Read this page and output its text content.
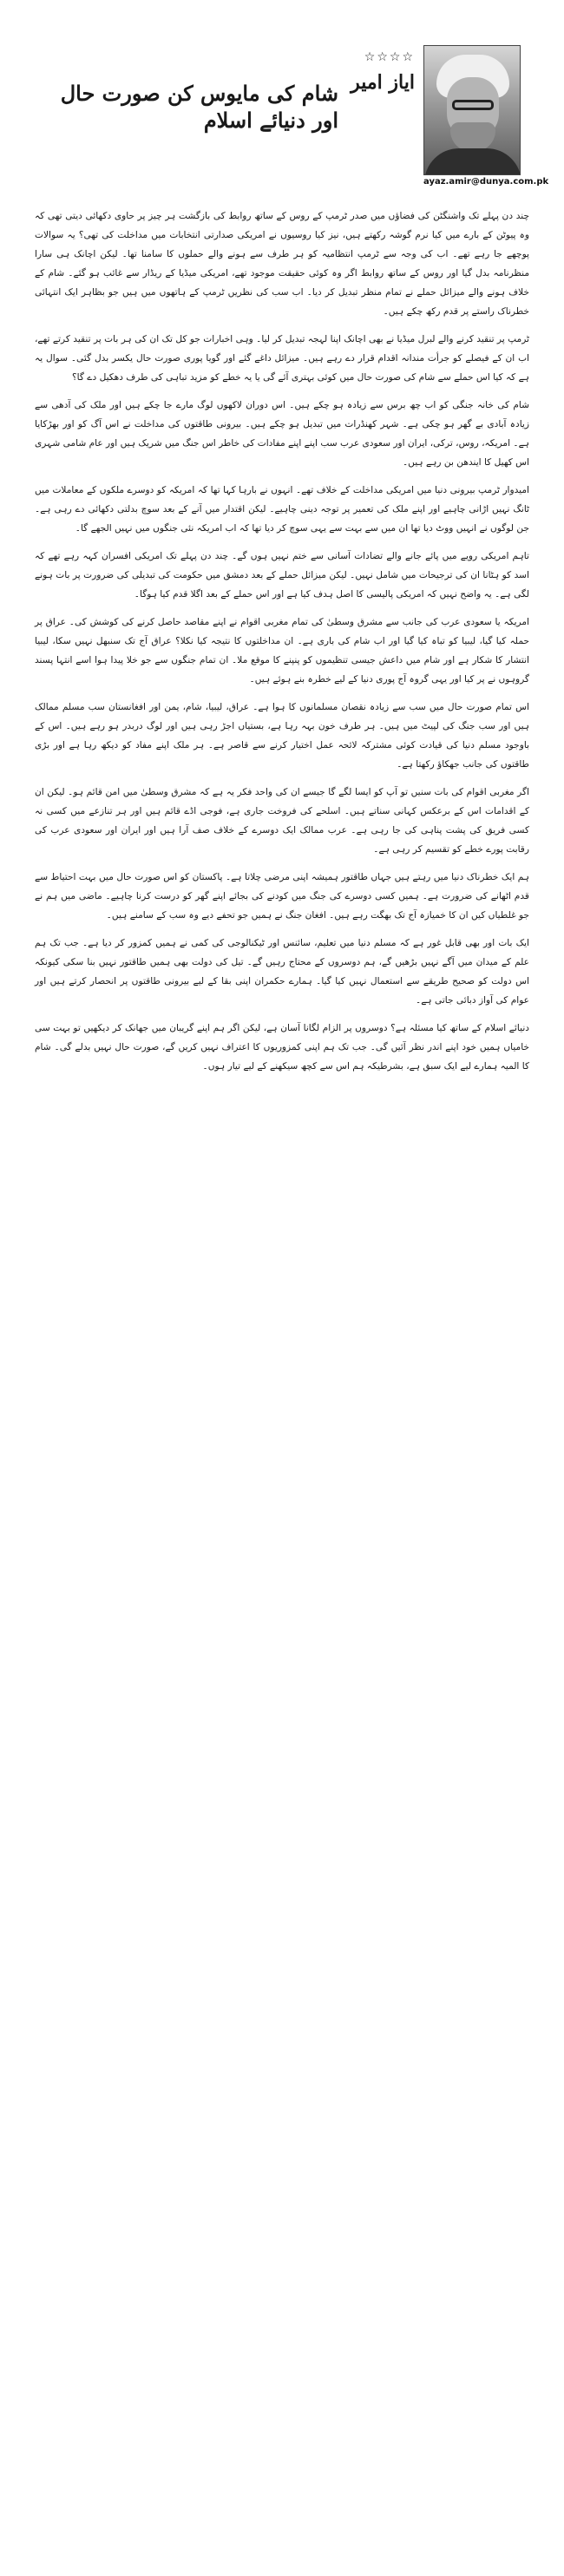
شام کی مایوس کن صورت حال اور دنیائے اسلام
☆☆☆☆
ایاز امیر
ayaz.amir@dunya.com.pk

چند دن پہلے تک واشنگٹن کی فضاؤں میں صدر ٹرمپ کے روس کے ساتھ روابط کی بازگشت ہر چیز پر حاوی دکھائی دیتی تھی کہ وہ پیوٹن کے بارے میں کیا نرم گوشہ رکھتے ہیں، نیز کیا روسیوں نے امریکی صدارتی انتخابات میں مداخلت کی تھی؟ یہ سوالات پوچھے جا رہے تھے۔ اب کی وجہ سے ٹرمپ انتظامیہ کو ہر طرف سے ہونے والے حملوں کا سامنا تھا۔ لیکن اچانک ہی سارا منظرنامہ بدل گیا اور روس کے ساتھ روابط اگر وہ کوئی حقیقت موجود تھے، امریکی میڈیا کے ریڈار سے غائب ہو گئے۔ شام کے خلاف ہونے والے میزائل حملے نے تمام منظر تبدیل کر دیا۔ اب سب کی نظریں ٹرمپ کے ہاتھوں میں ہیں جو بظاہر ایک انتہائی خطرناک راستے پر قدم رکھ چکے ہیں۔

ٹرمپ پر تنقید کرنے والے لبرل میڈیا نے بھی اچانک اپنا لہجہ تبدیل کر لیا۔ وہی اخبارات جو کل تک ان کی ہر بات پر تنقید کرتے تھے، اب ان کے فیصلے کو جرأت مندانہ اقدام قرار دے رہے ہیں۔ میزائل داغے گئے اور گویا پوری صورت حال یکسر بدل گئی۔ سوال یہ ہے کہ کیا اس حملے سے شام کی صورت حال میں کوئی بہتری آئے گی یا یہ خطے کو مزید تباہی کی طرف دھکیل دے گا؟

شام کی خانہ جنگی کو اب چھ برس سے زیادہ ہو چکے ہیں۔ اس دوران لاکھوں لوگ مارے جا چکے ہیں اور ملک کی آدھی سے زیادہ آبادی بے گھر ہو چکی ہے۔ شہر کھنڈرات میں تبدیل ہو چکے ہیں۔ بیرونی طاقتوں کی مداخلت نے اس آگ کو اور بھڑکایا ہے۔ امریکہ، روس، ترکی، ایران اور سعودی عرب سب اپنے اپنے مفادات کی خاطر اس جنگ میں شریک ہیں اور عام شامی شہری اس کھیل کا ایندھن بن رہے ہیں۔

امیدوار ٹرمپ بیرونی دنیا میں امریکی مداخلت کے خلاف تھے۔ انہوں نے بارہا کہا تھا کہ امریکہ کو دوسرے ملکوں کے معاملات میں ٹانگ نہیں اڑانی چاہیے اور اپنے ملک کی تعمیر پر توجہ دینی چاہیے۔ لیکن اقتدار میں آنے کے بعد سوچ بدلتی دکھائی دے رہی ہے۔ جن لوگوں نے انہیں ووٹ دیا تھا ان میں سے بہت سے یہی سوچ کر دیا تھا کہ اب امریکہ نئی جنگوں میں نہیں الجھے گا۔

تاہم امریکی رویے میں پائے جانے والے تضادات آسانی سے ختم نہیں ہوں گے۔ چند دن پہلے تک امریکی افسران کہہ رہے تھے کہ اسد کو ہٹانا ان کی ترجیحات میں شامل نہیں۔ لیکن میزائل حملے کے بعد دمشق میں حکومت کی تبدیلی کی ضرورت پر بات ہونے لگی ہے۔ یہ واضح نہیں کہ امریکی پالیسی کا اصل ہدف کیا ہے اور اس حملے کے بعد اگلا قدم کیا ہوگا۔

امریکہ یا سعودی عرب کی جانب سے مشرق وسطیٰ کی تمام مغربی اقوام نے اپنے مقاصد حاصل کرنے کی کوشش کی۔ عراق پر حملہ کیا گیا، لیبیا کو تباہ کیا گیا اور اب شام کی باری ہے۔ ان مداخلتوں کا نتیجہ کیا نکلا؟ عراق آج تک سنبھل نہیں سکا، لیبیا انتشار کا شکار ہے اور شام میں داعش جیسی تنظیموں کو پنپنے کا موقع ملا۔ ان تمام جنگوں سے جو خلا پیدا ہوا اسے انتہا پسند گروہوں نے پر کیا اور یہی گروہ آج پوری دنیا کے لیے خطرہ بنے ہوئے ہیں۔

اس تمام صورت حال میں سب سے زیادہ نقصان مسلمانوں کا ہوا ہے۔ عراق، لیبیا، شام، یمن اور افغانستان سب مسلم ممالک ہیں اور سب جنگ کی لپیٹ میں ہیں۔ ہر طرف خون بہہ رہا ہے، بستیاں اجڑ رہی ہیں اور لوگ دربدر ہو رہے ہیں۔ اس کے باوجود مسلم دنیا کی قیادت کوئی مشترکہ لائحہ عمل اختیار کرنے سے قاصر ہے۔ ہر ملک اپنے مفاد کو دیکھ رہا ہے اور بڑی طاقتوں کی جانب جھکاؤ رکھتا ہے۔

اگر مغربی اقوام کی بات سنیں تو آپ کو ایسا لگے گا جیسے ان کی واحد فکر یہ ہے کہ مشرق وسطیٰ میں امن قائم ہو۔ لیکن ان کے اقدامات اس کے برعکس کہانی سناتے ہیں۔ اسلحے کی فروخت جاری ہے، فوجی اڈے قائم ہیں اور ہر تنازعے میں کسی نہ کسی فریق کی پشت پناہی کی جا رہی ہے۔ عرب ممالک ایک دوسرے کے خلاف صف آرا ہیں اور ایران اور سعودی عرب کی رقابت پورے خطے کو تقسیم کر رہی ہے۔

ہم ایک خطرناک دنیا میں رہتے ہیں جہاں طاقتور ہمیشہ اپنی مرضی چلاتا ہے۔ پاکستان کو اس صورت حال میں بہت احتیاط سے قدم اٹھانے کی ضرورت ہے۔ ہمیں کسی دوسرے کی جنگ میں کودنے کی بجائے اپنے گھر کو درست کرنا چاہیے۔ ماضی میں ہم نے جو غلطیاں کیں ان کا خمیازہ آج تک بھگت رہے ہیں۔ افغان جنگ نے ہمیں جو تحفے دیے وہ سب کے سامنے ہیں۔

ایک بات اور بھی قابل غور ہے کہ مسلم دنیا میں تعلیم، سائنس اور ٹیکنالوجی کی کمی نے ہمیں کمزور کر دیا ہے۔ جب تک ہم علم کے میدان میں آگے نہیں بڑھیں گے، ہم دوسروں کے محتاج رہیں گے۔ تیل کی دولت بھی ہمیں طاقتور نہیں بنا سکی کیونکہ اس دولت کو صحیح طریقے سے استعمال نہیں کیا گیا۔ ہمارے حکمران اپنی بقا کے لیے بیرونی طاقتوں پر انحصار کرتے ہیں اور عوام کی آواز دبائی جاتی ہے۔

دنیائے اسلام کے ساتھ کیا مسئلہ ہے؟ دوسروں پر الزام لگانا آسان ہے، لیکن اگر ہم اپنے گریبان میں جھانک کر دیکھیں تو بہت سی خامیاں ہمیں خود اپنے اندر نظر آئیں گی۔ جب تک ہم اپنی کمزوریوں کا اعتراف نہیں کریں گے، صورت حال نہیں بدلے گی۔ شام کا المیہ ہمارے لیے ایک سبق ہے، بشرطیکہ ہم اس سے کچھ سیکھنے کے لیے تیار ہوں۔
